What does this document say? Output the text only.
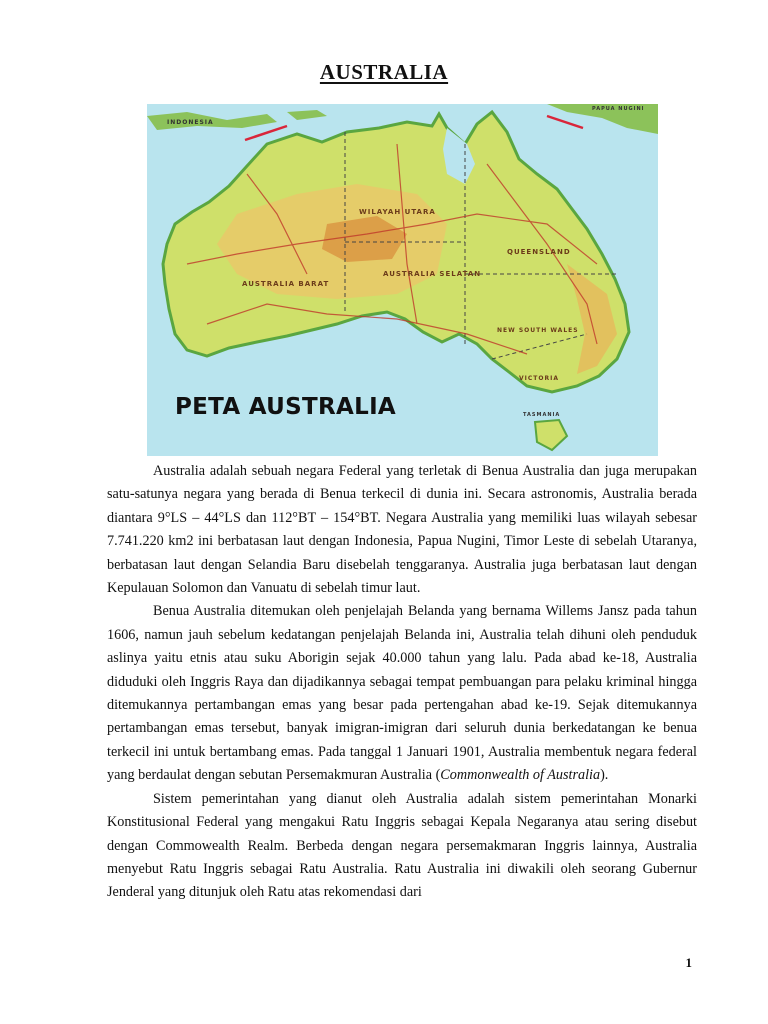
AUSTRALIA
INDONESIA
PAPUA NUGINI
WILAYAH UTARA
AUSTRALIA BARAT
AUSTRALIA SELATAN
QUEENSLAND
NEW SOUTH WALES
VICTORIA
TASMANIA
PETA AUSTRALIA

Australia adalah sebuah negara Federal yang terletak di Benua Australia dan juga merupakan satu-satunya negara yang berada di Benua terkecil di dunia ini. Secara astronomis, Australia berada diantara 9°LS – 44°LS dan 112°BT – 154°BT. Negara Australia yang memiliki luas wilayah sebesar 7.741.220 km2 ini berbatasan laut dengan Indonesia, Papua Nugini, Timor Leste di sebelah Utaranya, berbatasan laut dengan Selandia Baru disebelah tenggaranya. Australia juga berbatasan laut dengan Kepulauan Solomon dan Vanuatu di sebelah timur laut.

Benua Australia ditemukan oleh penjelajah Belanda yang bernama Willems Jansz pada tahun 1606, namun jauh sebelum kedatangan penjelajah Belanda ini, Australia telah dihuni oleh penduduk aslinya yaitu etnis atau suku Aborigin sejak 40.000 tahun yang lalu. Pada abad ke-18, Australia diduduki oleh Inggris Raya dan dijadikannya sebagai tempat pembuangan para pelaku kriminal hingga ditemukannya pertambangan emas yang besar pada pertengahan abad ke-19. Sejak ditemukannya pertambangan emas tersebut, banyak imigran-imigran dari seluruh dunia berkedatangan ke benua terkecil ini untuk bertambang emas. Pada tanggal 1 Januari 1901, Australia membentuk negara federal yang berdaulat dengan sebutan Persemakmuran Australia (Commonwealth of Australia).

Sistem pemerintahan yang dianut oleh Australia adalah sistem pemerintahan Monarki Konstitusional Federal yang mengakui Ratu Inggris sebagai Kepala Negaranya atau sering disebut dengan Commowealth Realm. Berbeda dengan negara persemakmaran Inggris lainnya, Australia menyebut Ratu Inggris sebagai Ratu Australia. Ratu Australia ini diwakili oleh seorang Gubernur Jenderal yang ditunjuk oleh Ratu atas rekomendasi dari

1
